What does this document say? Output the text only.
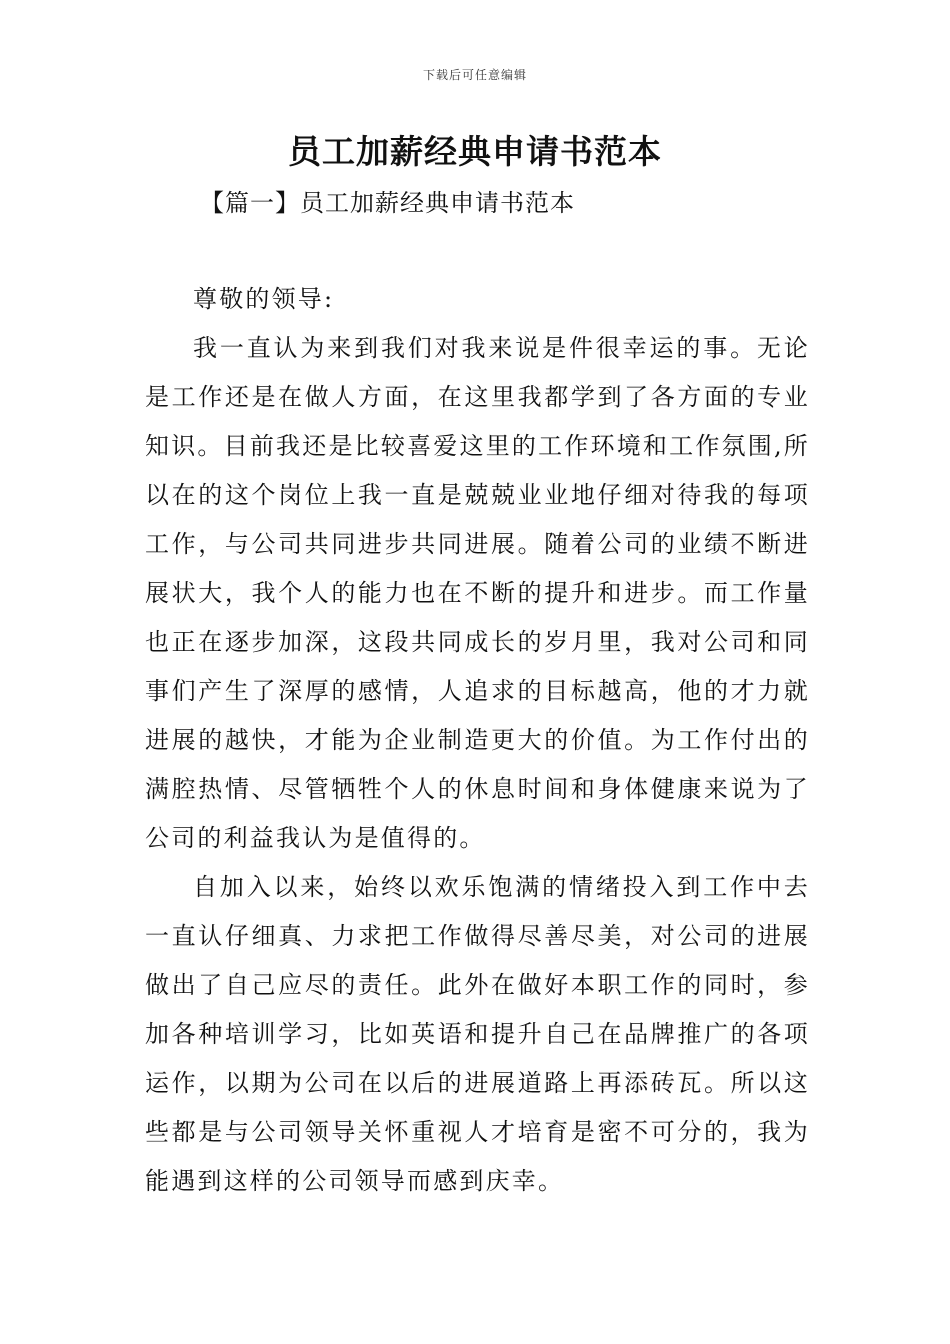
下载后可任意编辑
员工加薪经典申请书范本
【篇一】员工加薪经典申请书范本

尊敬的领导:

我一直认为来到我们对我来说是件很幸运的事。无论是工作还是在做人方面，在这里我都学到了各方面的专业知识。目前我还是比较喜爱这里的工作环境和工作氛围,所以在的这个岗位上我一直是兢兢业业地仔细对待我的每项工作，与公司共同进步共同进展。随着公司的业绩不断进展状大，我个人的能力也在不断的提升和进步。而工作量也正在逐步加深，这段共同成长的岁月里，我对公司和同事们产生了深厚的感情，人追求的目标越高，他的才力就进展的越快，才能为企业制造更大的价值。为工作付出的满腔热情、尽管牺牲个人的休息时间和身体健康来说为了公司的利益我认为是值得的。

自加入以来，始终以欢乐饱满的情绪投入到工作中去一直认仔细真、力求把工作做得尽善尽美，对公司的进展做出了自己应尽的责任。此外在做好本职工作的同时，参加各种培训学习，比如英语和提升自己在品牌推广的各项运作，以期为公司在以后的进展道路上再添砖瓦。所以这些都是与公司领导关怀重视人才培育是密不可分的，我为能遇到这样的公司领导而感到庆幸。
